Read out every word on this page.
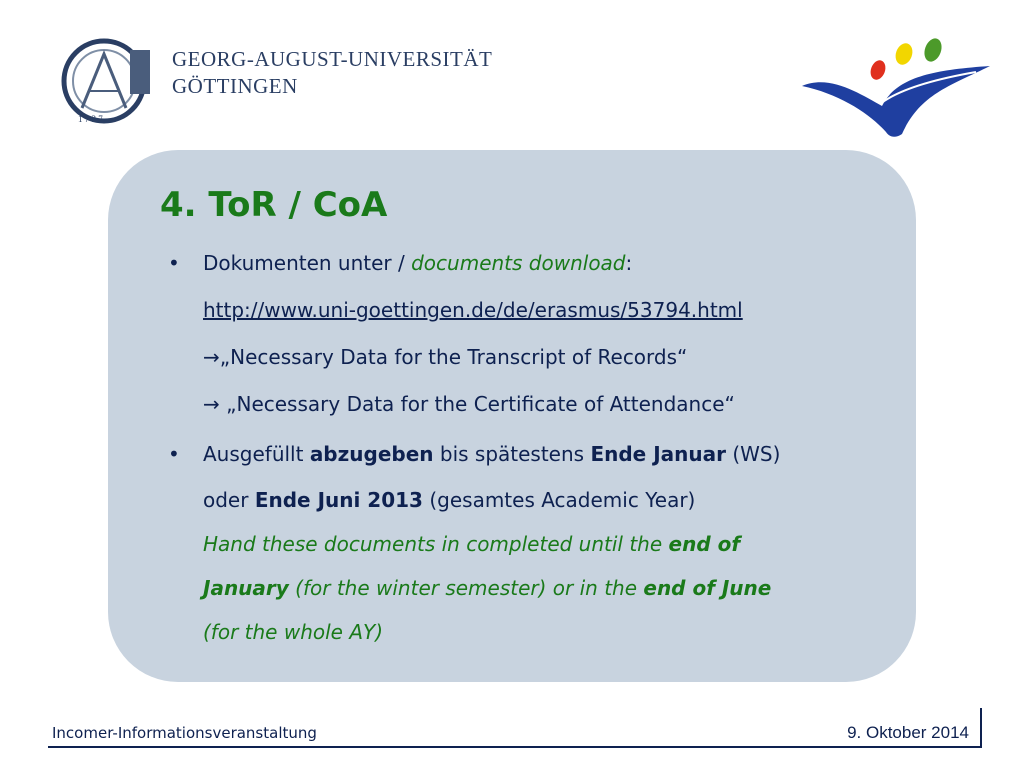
1 7 3 7
GEORG-AUGUST-UNIVERSITÄT
GÖTTINGEN
4. ToR / CoA
• Dokumenten unter / documents download:
http://www.uni-goettingen.de/de/erasmus/53794.html
→„Necessary Data for the Transcript of Records“
→ „Necessary Data for the Certificate of Attendance“
• Ausgefüllt abzugeben bis spätestens Ende Januar (WS)
oder Ende Juni 2013 (gesamtes Academic Year)
Hand these documents in completed until the end of
January (for the winter semester) or in the end of June
(for the whole AY)
Incomer-Informationsveranstaltung	9. Oktober 2014
